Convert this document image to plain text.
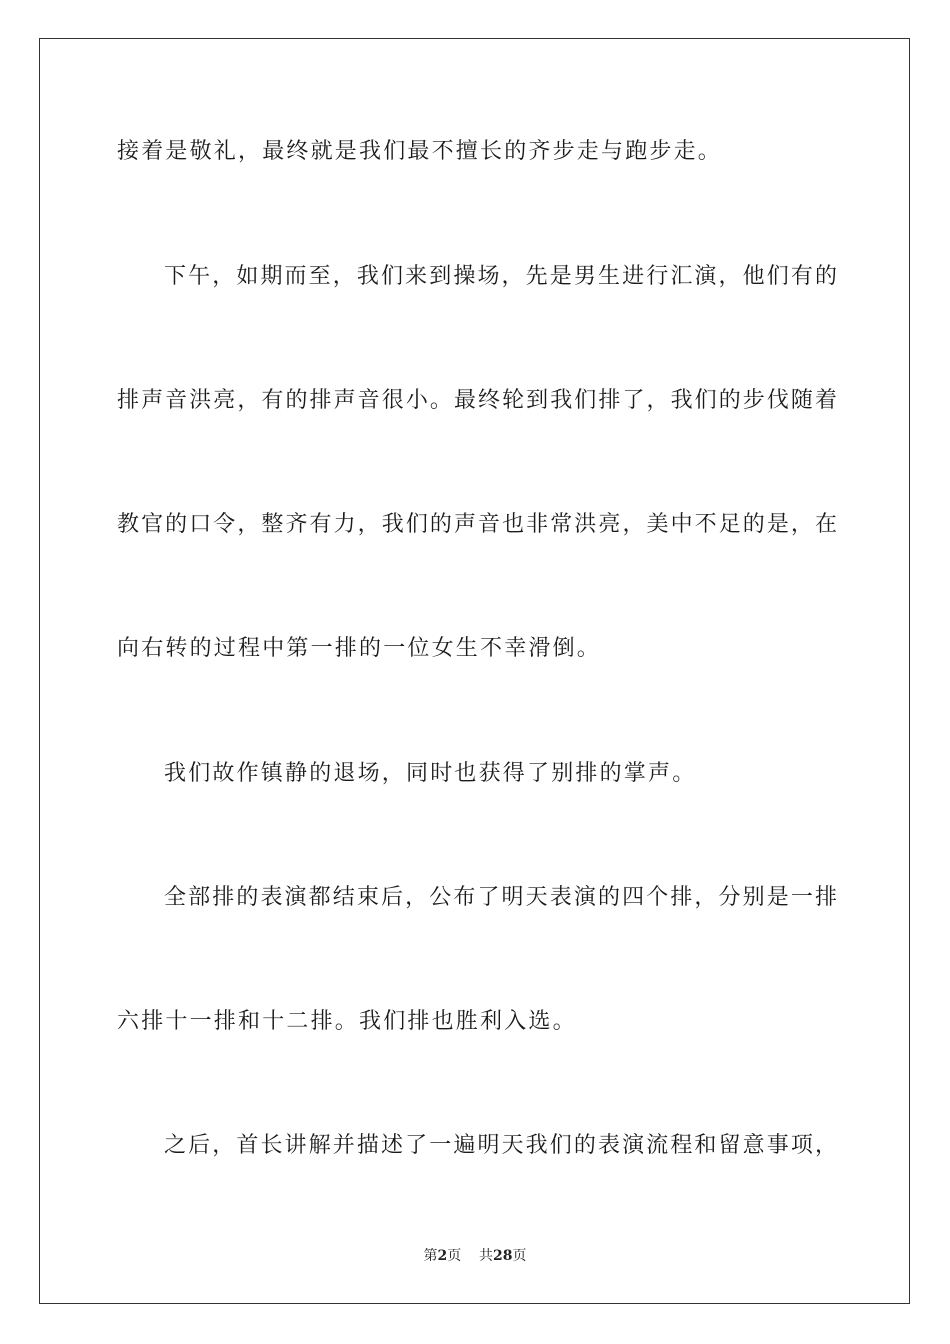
接着是敬礼，最终就是我们最不擅长的齐步走与跑步走。
下午，如期而至，我们来到操场，先是男生进行汇演，他们有的
排声音洪亮，有的排声音很小。最终轮到我们排了，我们的步伐随着
教官的口令，整齐有力，我们的声音也非常洪亮，美中不足的是，在
向右转的过程中第一排的一位女生不幸滑倒。
我们故作镇静的退场，同时也获得了别排的掌声。
全部排的表演都结束后，公布了明天表演的四个排，分别是一排
六排十一排和十二排。我们排也胜利入选。
之后，首长讲解并描述了一遍明天我们的表演流程和留意事项，
第2页 共28页
